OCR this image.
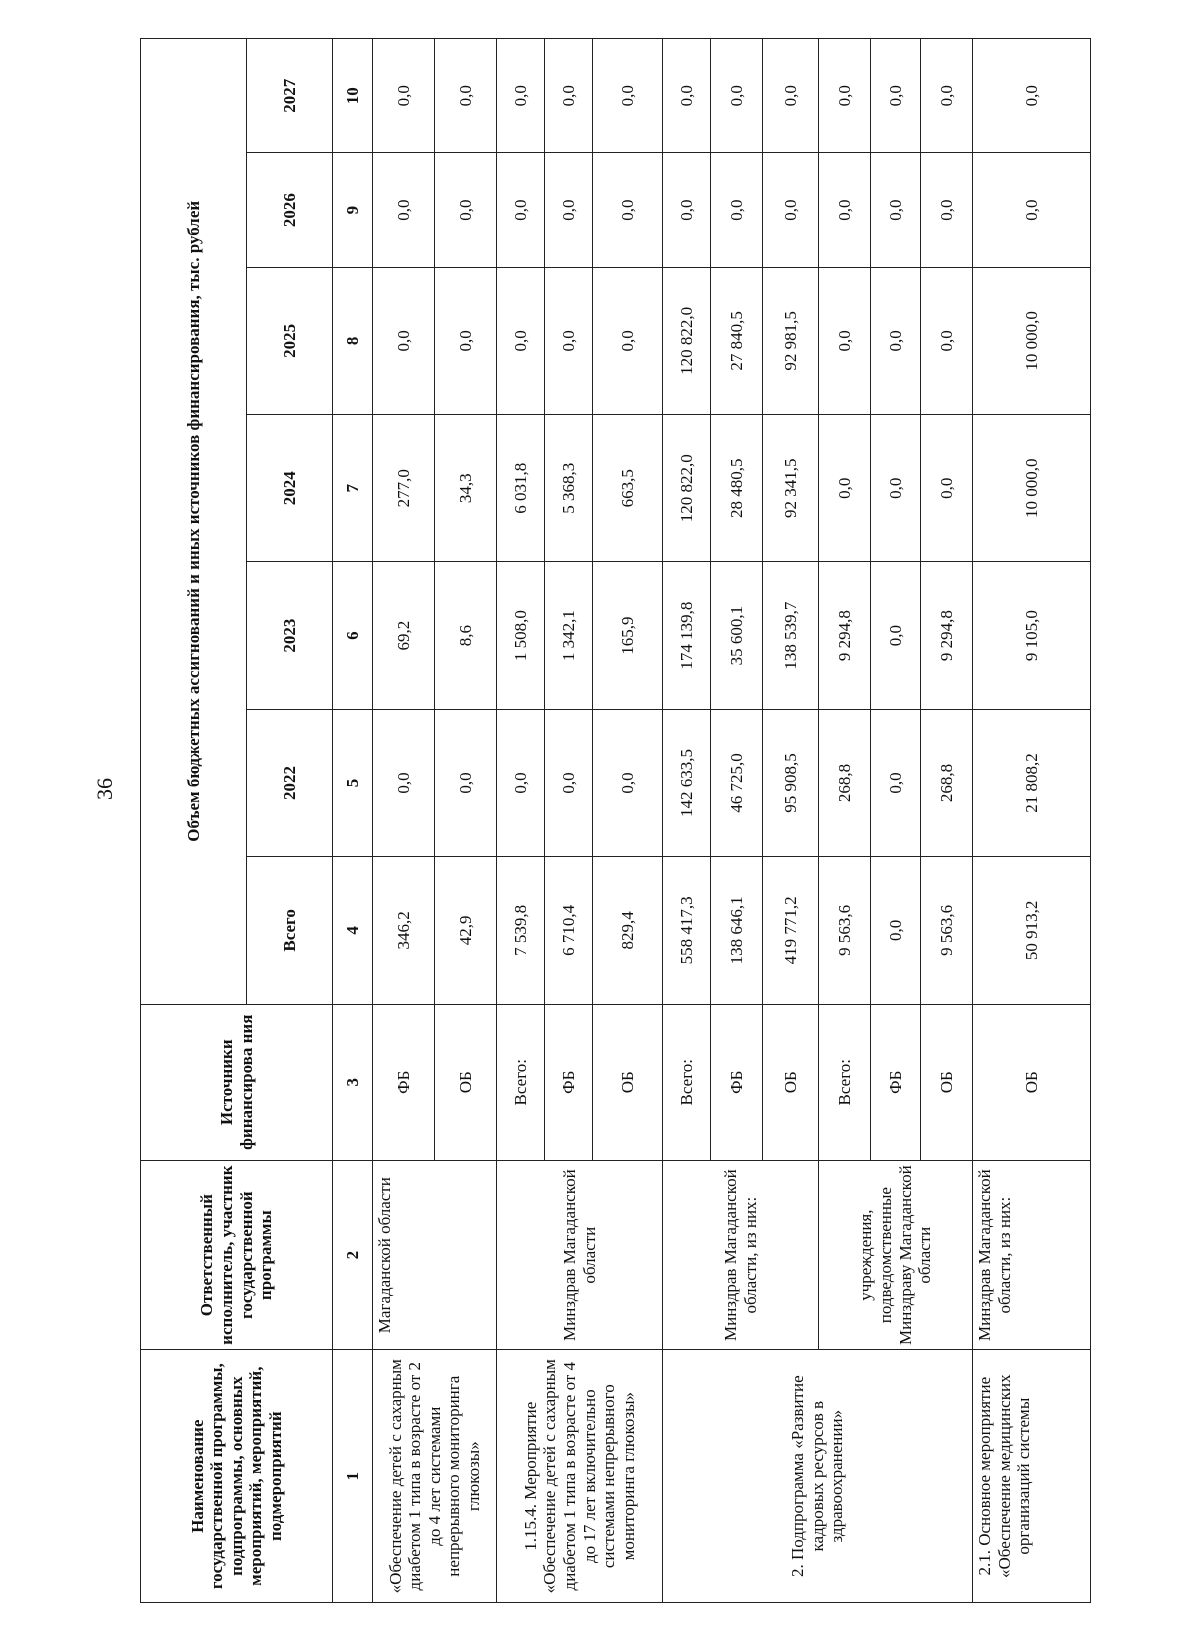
36
Наименование государственной программы, подпрограммы, основных мероприятий, мероприятий, подмероприятий	Ответственный исполнитель, участник государственной программы	Источники финансирова ния	Объем бюджетных ассигнований и иных источников финансирования, тыс. рублей						
			Всего	2022	2023	2024	2025	2026	2027
1	2	3	4	5	6	7	8	9	10
«Обеспечение детей с сахарным диабетом 1 типа в возрасте от 2 до 4 лет системами непрерывного мониторинга глюкозы»	Магаданской области	ФБ	346,2	0,0	69,2	277,0	0,0	0,0	0,0
		ОБ	42,9	0,0	8,6	34,3	0,0	0,0	0,0
1.15.4. Мероприятие «Обеспечение детей с сахарным диабетом 1 типа в возрасте от 4 до 17 лет включительно системами непрерывного мониторинга глюкозы»	Минздрав Магаданской области	Всего:	7 539,8	0,0	1 508,0	6 031,8	0,0	0,0	0,0
		ФБ	6 710,4	0,0	1 342,1	5 368,3	0,0	0,0	0,0
		ОБ	829,4	0,0	165,9	663,5	0,0	0,0	0,0
2. Подпрограмма «Развитие кадровых ресурсов в здравоохранении»	Минздрав Магаданской области, из них:	Всего:	558 417,3	142 633,5	174 139,8	120 822,0	120 822,0	0,0	0,0
		ФБ	138 646,1	46 725,0	35 600,1	28 480,5	27 840,5	0,0	0,0
		ОБ	419 771,2	95 908,5	138 539,7	92 341,5	92 981,5	0,0	0,0
	учреждения, подведомственные Минздраву Магаданской области	Всего:	9 563,6	268,8	9 294,8	0,0	0,0	0,0	0,0
		ФБ	0,0	0,0	0,0	0,0	0,0	0,0	0,0
		ОБ	9 563,6	268,8	9 294,8	0,0	0,0	0,0	0,0
2.1. Основное мероприятие «Обеспечение медицинских организаций системы	Минздрав Магаданской области, из них:	ОБ	50 913,2	21 808,2	9 105,0	10 000,0	10 000,0	0,0	0,0
